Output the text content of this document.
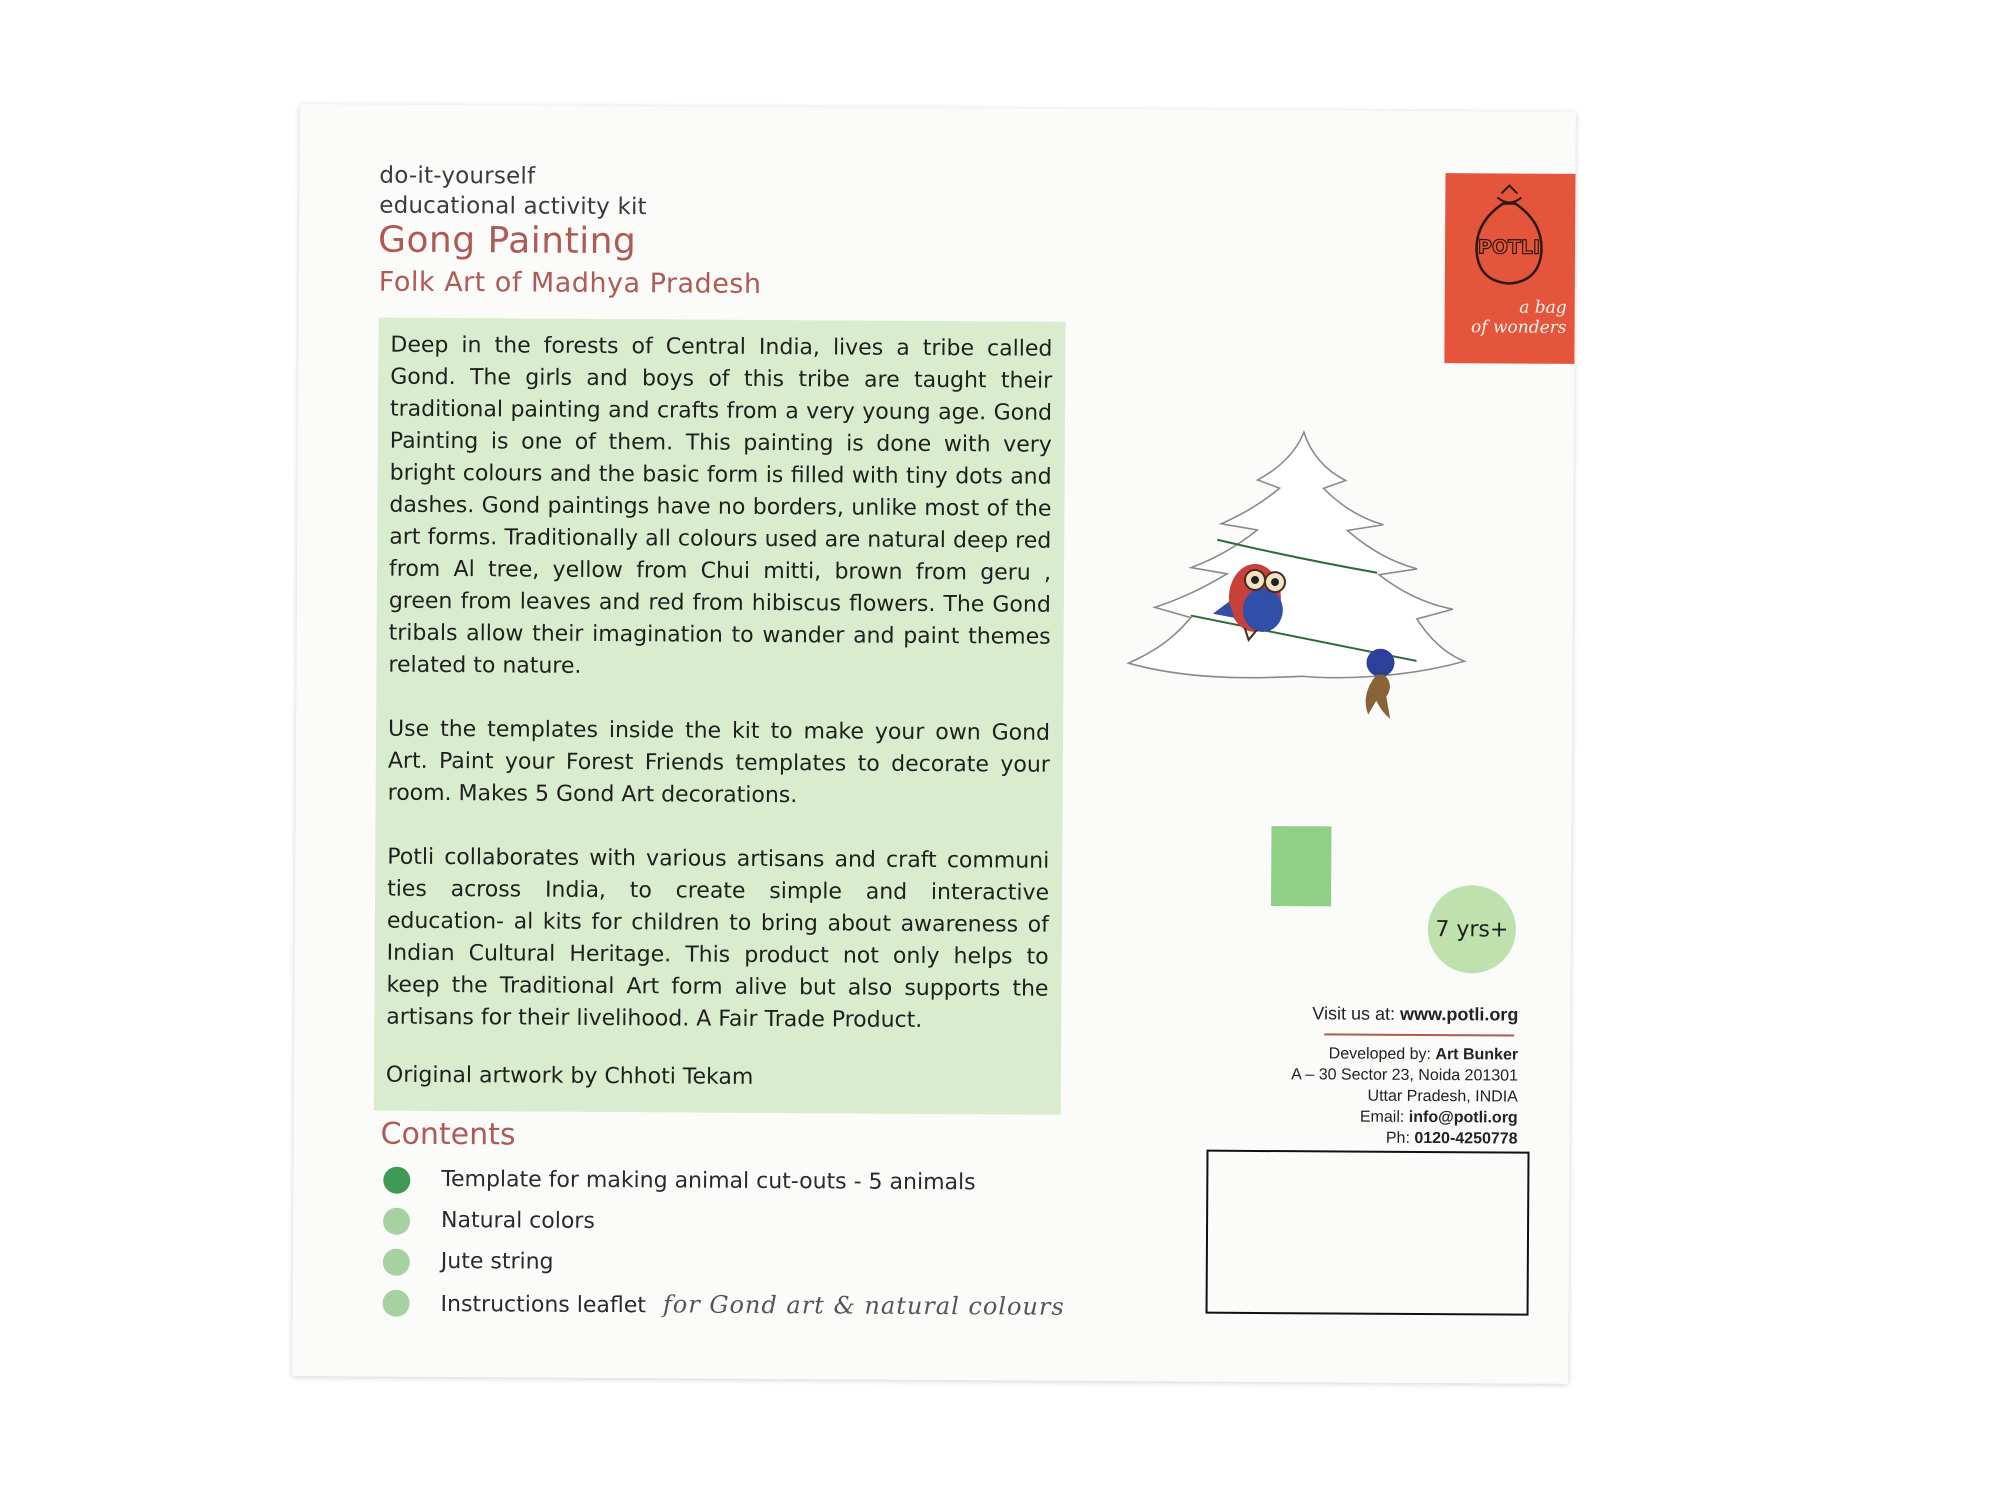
do-it-yourself
educational activity kit
Gong Painting
Folk Art of Madhya Pradesh

Deep in the forests of Central India, lives a tribe called Gond. The girls and boys of this tribe are taught their traditional painting and crafts from a very young age. Gond Painting is one of them. This painting is done with very bright colours and the basic form is filled with tiny dots and dashes. Gond paintings have no borders, unlike most of the art forms. Traditionally all colours used are natural deep red from Al tree, yellow from Chui mitti, brown from geru , green from leaves and red from hibiscus flowers. The Gond tribals allow their imagination to wander and paint themes related to nature.

Use the templates inside the kit to make your own Gond Art. Paint your Forest Friends templates to decorate your room. Makes 5 Gond Art decorations.

Potli collaborates with various artisans and craft communi ties across India, to create simple and interactive education- al kits for children to bring about awareness of Indian Cultural Heritage. This product not only helps to keep the Traditional Art form alive but also supports the artisans for their livelihood. A Fair Trade Product.

Original artwork by Chhoti Tekam
Contents
Template for making animal cut-outs - 5 animals
Natural colors
Jute string
Instructions leaflet for Gond art & natural colours
POTLI
a bag
of wonders
7 yrs+
Visit us at: www.potli.org
Developed by: Art Bunker
A – 30 Sector 23, Noida 201301
Uttar Pradesh, INDIA
Email: info@potli.org
Ph: 0120-4250778
